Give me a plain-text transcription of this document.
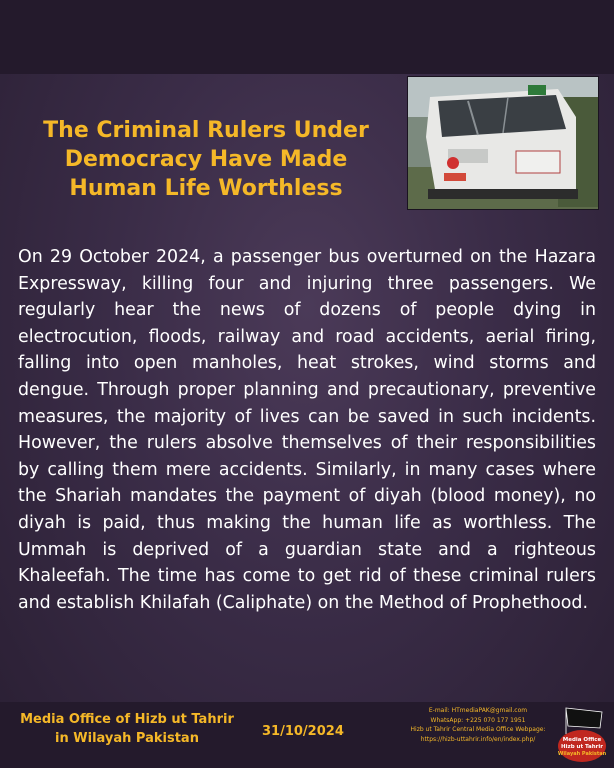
The Criminal Rulers Under
Democracy Have Made
Human Life Worthless

On 29 October 2024, a passenger bus overturned on the Hazara Expressway, killing four and injuring three passengers. We regularly hear the news of dozens of people dying in electrocution, floods, railway and road accidents, aerial firing, falling into open manholes, heat strokes, wind storms and dengue. Through proper planning and precautionary, preventive measures, the majority of lives can be saved in such incidents. However, the rulers absolve themselves of their responsibilities by calling them mere accidents. Similarly, in many cases where the Shariah mandates the payment of diyah (blood money), no diyah is paid, thus making the human life as worthless. The Ummah is deprived of a guardian state and a righteous Khaleefah. The time has come to get rid of these criminal rulers and establish Khilafah (Caliphate) on the Method of Prophethood.

Media Office of Hizb ut Tahrir
in Wilayah Pakistan	31/10/2024
E-mail: HTmediaPAK@gmail.com
WhatsApp: +225 070 177 1951
Hizb ut Tahrir Central Media Office Webpage:
https://hizb-uttahrir.info/en/index.php/	Media Office
Hizb ut Tahrir
Wilayah Pakistan
